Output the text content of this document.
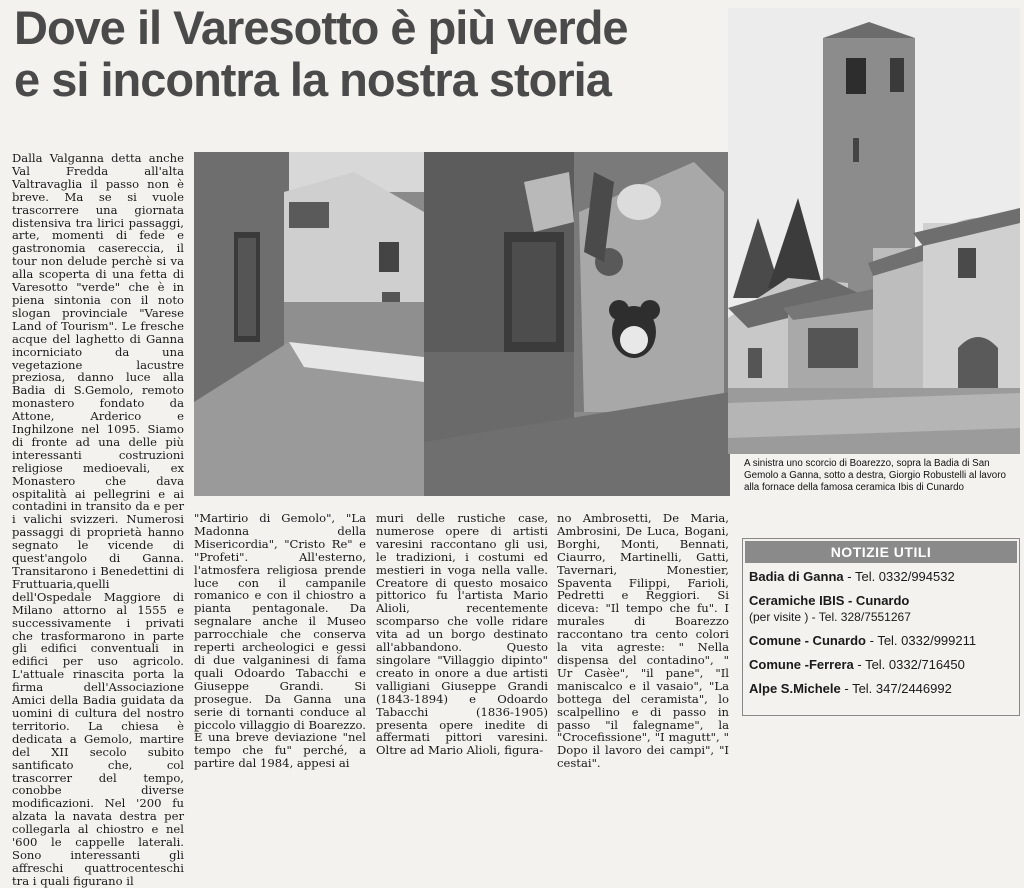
Dove il Varesotto è più verde
e si incontra la nostra storia

Dalla Valganna detta anche Val Fredda all'alta Valtravaglia il passo non è breve. Ma se si vuole trascorrere una giornata distensiva tra lirici passaggi, arte, momenti di fede e gastronomia casereccia, il tour non delude perchè si va alla scoperta di una fetta di Varesotto "verde" che è in piena sintonia con il noto slogan provinciale "Varese Land of Tourism". Le fresche acque del laghetto di Ganna incorniciato da una vegetazione lacustre preziosa, danno luce alla Badia di S.Gemolo, remoto monastero fondato da Attone, Arderico e Inghilzone nel 1095. Siamo di fronte ad una delle più interessanti costruzioni religiose medioevali, ex Monastero che dava ospitalità ai pellegrini e ai contadini in transito da e per i valichi svizzeri. Numerosi passaggi di proprietà hanno segnato le vicende di quest'angolo di Ganna. Transitarono i Benedettini di Fruttuaria,quelli dell'Ospedale Maggiore di Milano attorno al 1555 e successivamente i privati che trasformarono in parte gli edifici conventuali in edifici per uso agricolo. L'attuale rinascita porta la firma dell'Associazione Amici della Badia guidata da uomini di cultura del nostro territorio. La chiesa è dedicata a Gemolo, martire del XII secolo subito santificato che, col trascorrer del tempo, conobbe diverse modificazioni. Nel '200 fu alzata la navata destra per collegarla al chiostro e nel '600 le cappelle laterali. Sono interessanti gli affreschi quattrocenteschi tra i quali figurano il

A sinistra uno scorcio di Boarezzo, sopra la Badia di San Gemolo a Ganna, sotto a destra, Giorgio Robustelli al lavoro alla fornace della famosa ceramica Ibis di Cunardo

"Martirio di Gemolo", "La Madonna della Misericordia", "Cristo Re" e "Profeti". All'esterno, l'atmosfera religiosa prende luce con il campanile romanico e con il chiostro a pianta pentagonale. Da segnalare anche il Museo parrocchiale che conserva reperti archeologici e gessi di due valganinesi di fama quali Odoardo Tabacchi e Giuseppe Grandi. Si prosegue. Da Ganna una serie di tornanti conduce al piccolo villaggio di Boarezzo. È una breve deviazione "nel tempo che fu" perché, a partire dal 1984, appesi ai

muri delle rustiche case, numerose opere di artisti varesini raccontano gli usi, le tradizioni, i costumi ed mestieri in voga nella valle. Creatore di questo mosaico pittorico fu l'artista Mario Alioli, recentemente scomparso che volle ridare vita ad un borgo destinato all'abbandono. Questo singolare "Villaggio dipinto" creato in onore a due artisti valligiani Giuseppe Grandi (1843-1894) e Odoardo Tabacchi (1836-1905) presenta opere inedite di affermati pittori varesini. Oltre ad Mario Alioli, figura-

no Ambrosetti, De Maria, Ambrosini, De Luca, Bogani, Borghi, Monti, Bennati, Ciaurro, Martinelli, Gatti, Tavernari, Monestier, Spaventa Filippi, Farioli, Pedretti e Reggiori. Si diceva: "Il tempo che fu". I murales di Boarezzo raccontano tra cento colori la vita agreste: " Nella dispensa del contadino", " Ur Casèe", "il pane", "Il maniscalco e il vasaio", "La bottega del ceramista", lo scalpellino e di passo in passo "il falegname", la "Crocefissione", "I magutt", " Dopo il lavoro dei campi", "I cestai".

NOTIZIE UTILI
Badia di Ganna - Tel. 0332/994532
Ceramiche IBIS - Cunardo
(per visite ) - Tel. 328/7551267
Comune - Cunardo - Tel. 0332/999211
Comune -Ferrera - Tel. 0332/716450
Alpe S.Michele - Tel. 347/2446992
